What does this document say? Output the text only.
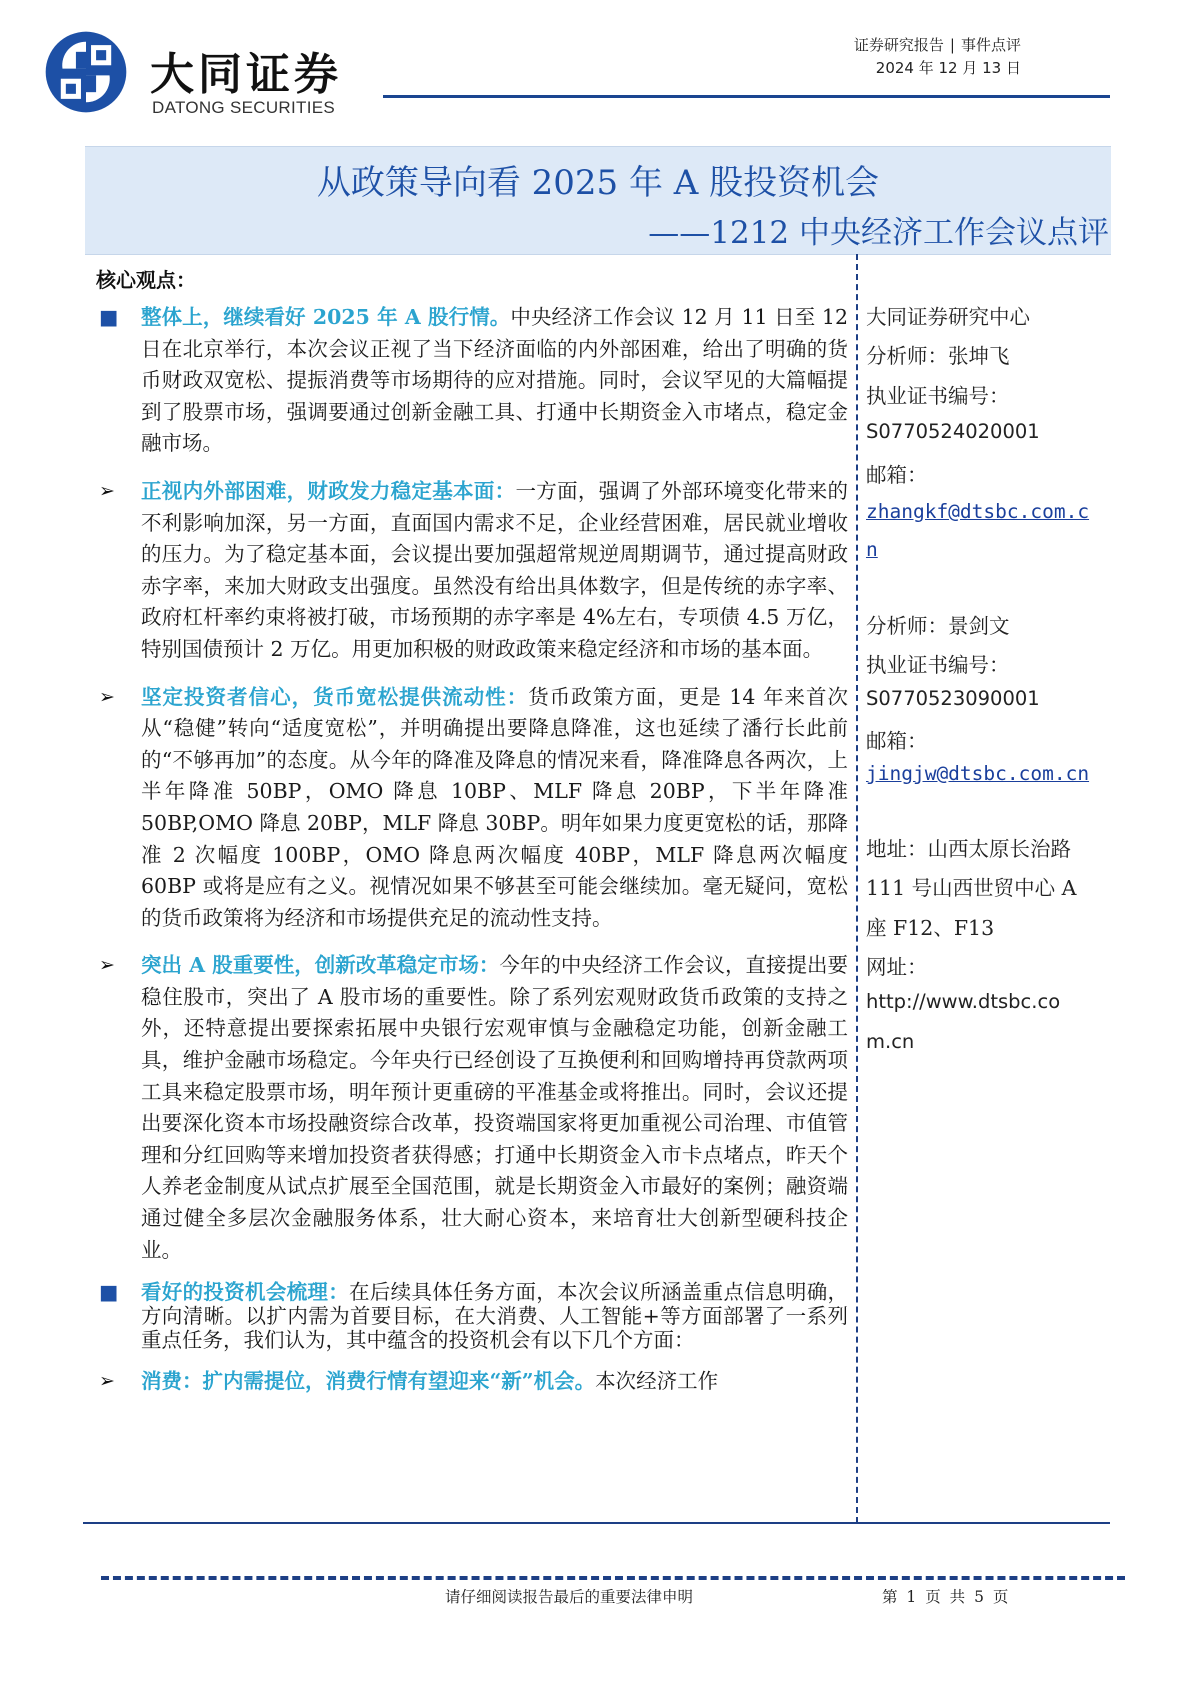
大同证券
DATONG SECURITIES
证券研究报告 | 事件点评
2024 年 12 月 13 日
从政策导向看 2025 年 A 股投资机会
——1212 中央经济工作会议点评
核心观点：

■ 整体上，继续看好 2025 年 A 股行情。中央经济工作会议 12 月 11 日至 12 日在北京举行，本次会议正视了当下经济面临的内外部困难，给出了明确的货币财政双宽松、提振消费等市场期待的应对措施。同时，会议罕见的大篇幅提到了股票市场，强调要通过创新金融工具、打通中长期资金入市堵点，稳定金融市场。

➢ 正视内外部困难，财政发力稳定基本面：一方面，强调了外部环境变化带来的不利影响加深，另一方面，直面国内需求不足，企业经营困难，居民就业增收的压力。为了稳定基本面，会议提出要加强超常规逆周期调节，通过提高财政赤字率，来加大财政支出强度。虽然没有给出具体数字，但是传统的赤字率、政府杠杆率约束将被打破，市场预期的赤字率是 4%左右，专项债 4.5 万亿，特别国债预计 2 万亿。用更加积极的财政政策来稳定经济和市场的基本面。

➢ 坚定投资者信心，货币宽松提供流动性：货币政策方面，更是 14 年来首次从“稳健”转向“适度宽松”，并明确提出要降息降准，这也延续了潘行长此前的“不够再加”的态度。从今年的降准及降息的情况来看，降准降息各两次，上半年降准 50BP，OMO 降息 10BP、MLF 降息 20BP，下半年降准 50BP,OMO 降息 20BP，MLF 降息 30BP。明年如果力度更宽松的话，那降准 2 次幅度 100BP，OMO 降息两次幅度 40BP，MLF 降息两次幅度 60BP 或将是应有之义。视情况如果不够甚至可能会继续加。毫无疑问，宽松的货币政策将为经济和市场提供充足的流动性支持。

➢ 突出 A 股重要性，创新改革稳定市场：今年的中央经济工作会议，直接提出要稳住股市，突出了 A 股市场的重要性。除了系列宏观财政货币政策的支持之外，还特意提出要探索拓展中央银行宏观审慎与金融稳定功能，创新金融工具，维护金融市场稳定。今年央行已经创设了互换便利和回购增持再贷款两项工具来稳定股票市场，明年预计更重磅的平准基金或将推出。同时，会议还提出要深化资本市场投融资综合改革，投资端国家将更加重视公司治理、市值管理和分红回购等来增加投资者获得感；打通中长期资金入市卡点堵点，昨天个人养老金制度从试点扩展至全国范围，就是长期资金入市最好的案例；融资端通过健全多层次金融服务体系，壮大耐心资本，来培育壮大创新型硬科技企业。

■ 看好的投资机会梳理：在后续具体任务方面，本次会议所涵盖重点信息明确，方向清晰。以扩内需为首要目标，在大消费、人工智能+等方面部署了一系列重点任务，我们认为，其中蕴含的投资机会有以下几个方面：

➢ 消费：扩内需提位，消费行情有望迎来“新”机会。本次经济工作

大同证券研究中心
分析师：张坤飞
执业证书编号：
S0770524020001
邮箱：
zhangkf@dtsbc.com.c
n
分析师：景剑文
执业证书编号：
S0770523090001
邮箱：
jingjw@dtsbc.com.cn
地址：山西太原长治路
111 号山西世贸中心 A
座 F12、F13
网址：
http://www.dtsbc.co
m.cn
请仔细阅读报告最后的重要法律申明	第 1 页 共 5 页
